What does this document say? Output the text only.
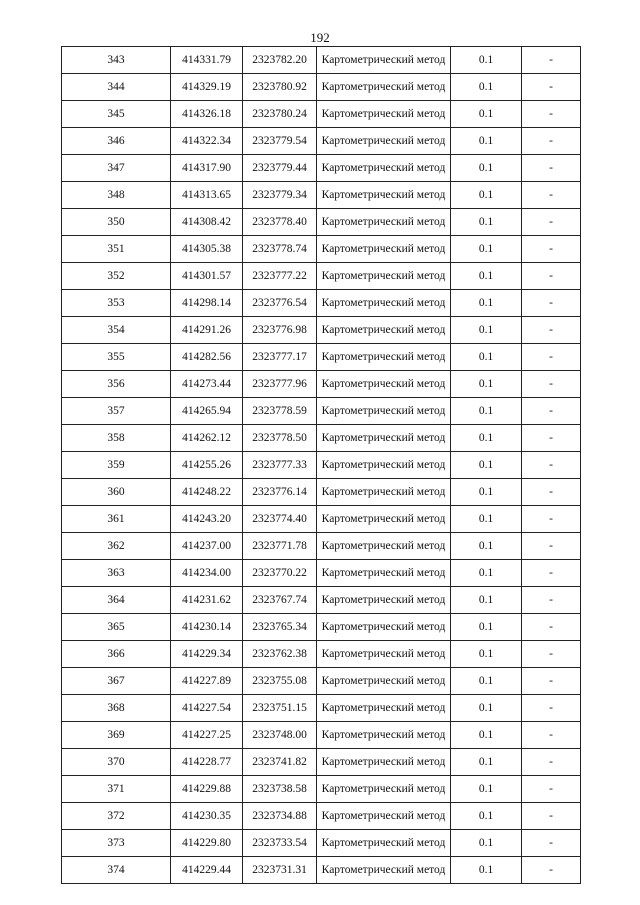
192
343	414331.79	2323782.20	Картометрический метод	0.1	-
344	414329.19	2323780.92	Картометрический метод	0.1	-
345	414326.18	2323780.24	Картометрический метод	0.1	-
346	414322.34	2323779.54	Картометрический метод	0.1	-
347	414317.90	2323779.44	Картометрический метод	0.1	-
348	414313.65	2323779.34	Картометрический метод	0.1	-
350	414308.42	2323778.40	Картометрический метод	0.1	-
351	414305.38	2323778.74	Картометрический метод	0.1	-
352	414301.57	2323777.22	Картометрический метод	0.1	-
353	414298.14	2323776.54	Картометрический метод	0.1	-
354	414291.26	2323776.98	Картометрический метод	0.1	-
355	414282.56	2323777.17	Картометрический метод	0.1	-
356	414273.44	2323777.96	Картометрический метод	0.1	-
357	414265.94	2323778.59	Картометрический метод	0.1	-
358	414262.12	2323778.50	Картометрический метод	0.1	-
359	414255.26	2323777.33	Картометрический метод	0.1	-
360	414248.22	2323776.14	Картометрический метод	0.1	-
361	414243.20	2323774.40	Картометрический метод	0.1	-
362	414237.00	2323771.78	Картометрический метод	0.1	-
363	414234.00	2323770.22	Картометрический метод	0.1	-
364	414231.62	2323767.74	Картометрический метод	0.1	-
365	414230.14	2323765.34	Картометрический метод	0.1	-
366	414229.34	2323762.38	Картометрический метод	0.1	-
367	414227.89	2323755.08	Картометрический метод	0.1	-
368	414227.54	2323751.15	Картометрический метод	0.1	-
369	414227.25	2323748.00	Картометрический метод	0.1	-
370	414228.77	2323741.82	Картометрический метод	0.1	-
371	414229.88	2323738.58	Картометрический метод	0.1	-
372	414230.35	2323734.88	Картометрический метод	0.1	-
373	414229.80	2323733.54	Картометрический метод	0.1	-
374	414229.44	2323731.31	Картометрический метод	0.1	-
